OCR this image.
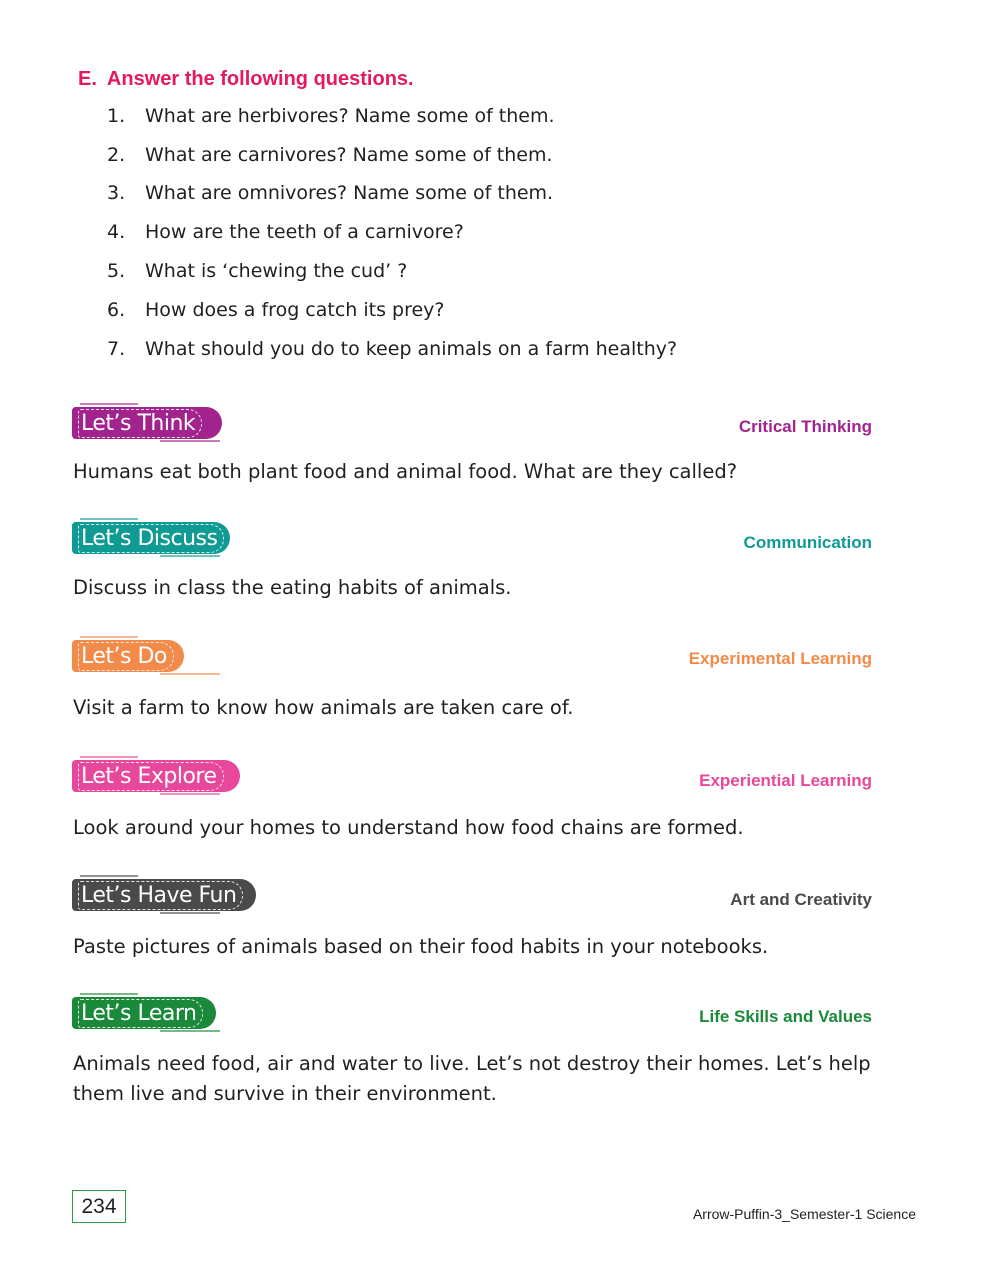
E. Answer the following questions.
1. What are herbivores? Name some of them.
2. What are carnivores? Name some of them.
3. What are omnivores? Name some of them.
4. How are the teeth of a carnivore?
5. What is ‘chewing the cud’ ?
6. How does a frog catch its prey?
7. What should you do to keep animals on a farm healthy?
Let’s Think	Critical Thinking
Humans eat both plant food and animal food. What are they called?
Let’s Discuss	Communication
Discuss in class the eating habits of animals.
Let’s Do	Experimental Learning
Visit a farm to know how animals are taken care of.
Let’s Explore	Experiential Learning
Look around your homes to understand how food chains are formed.
Let’s Have Fun	Art and Creativity
Paste pictures of animals based on their food habits in your notebooks.
Let’s Learn	Life Skills and Values
Animals need food, air and water to live. Let’s not destroy their homes. Let’s help them live and survive in their environment.
234	Arrow-Puffin-3_Semester-1 Science
